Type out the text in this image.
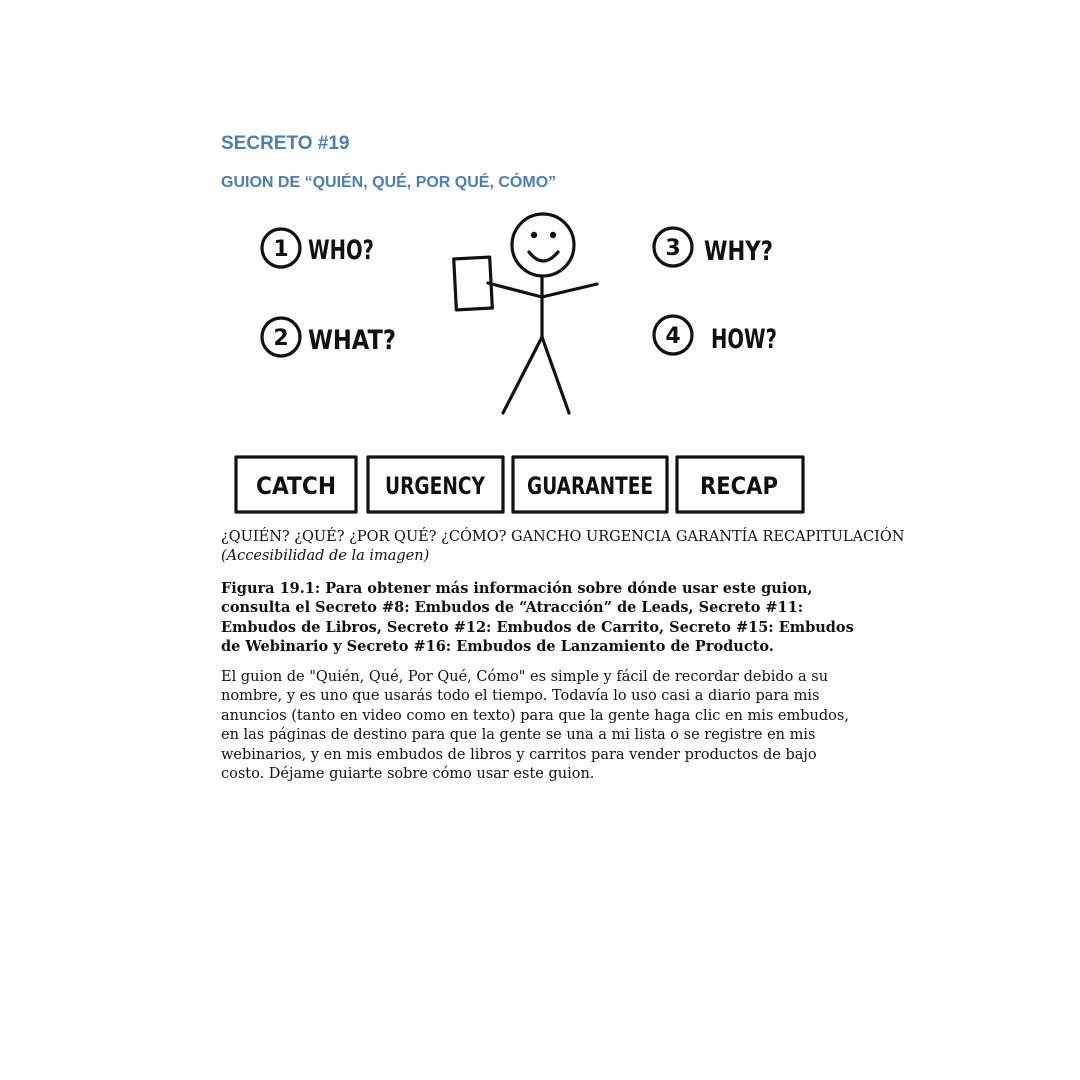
SECRETO #19
GUION DE “QUIÉN, QUÉ, POR QUÉ, CÓMO”
1
2
3
4
WHO?
WHAT?
WHY?
HOW?
CATCH URGENCY GUARANTEE RECAP

¿QUIÉN? ¿QUÉ? ¿POR QUÉ? ¿CÓMO? GANCHO URGENCIA GARANTÍA RECAPITULACIÓN

(Accesibilidad de la imagen)

Figura 19.1: Para obtener más información sobre dónde usar este guion, consulta el Secreto #8: Embudos de “Atracción” de Leads, Secreto #11: Embudos de Libros, Secreto #12: Embudos de Carrito, Secreto #15: Embudos de Webinario y Secreto #16: Embudos de Lanzamiento de Producto.

El guion de "Quién, Qué, Por Qué, Cómo" es simple y fácil de recordar debido a su nombre, y es uno que usarás todo el tiempo. Todavía lo uso casi a diario para mis anuncios (tanto en video como en texto) para que la gente haga clic en mis embudos, en las páginas de destino para que la gente se una a mi lista o se registre en mis webinarios, y en mis embudos de libros y carritos para vender productos de bajo costo. Déjame guiarte sobre cómo usar este guion.
